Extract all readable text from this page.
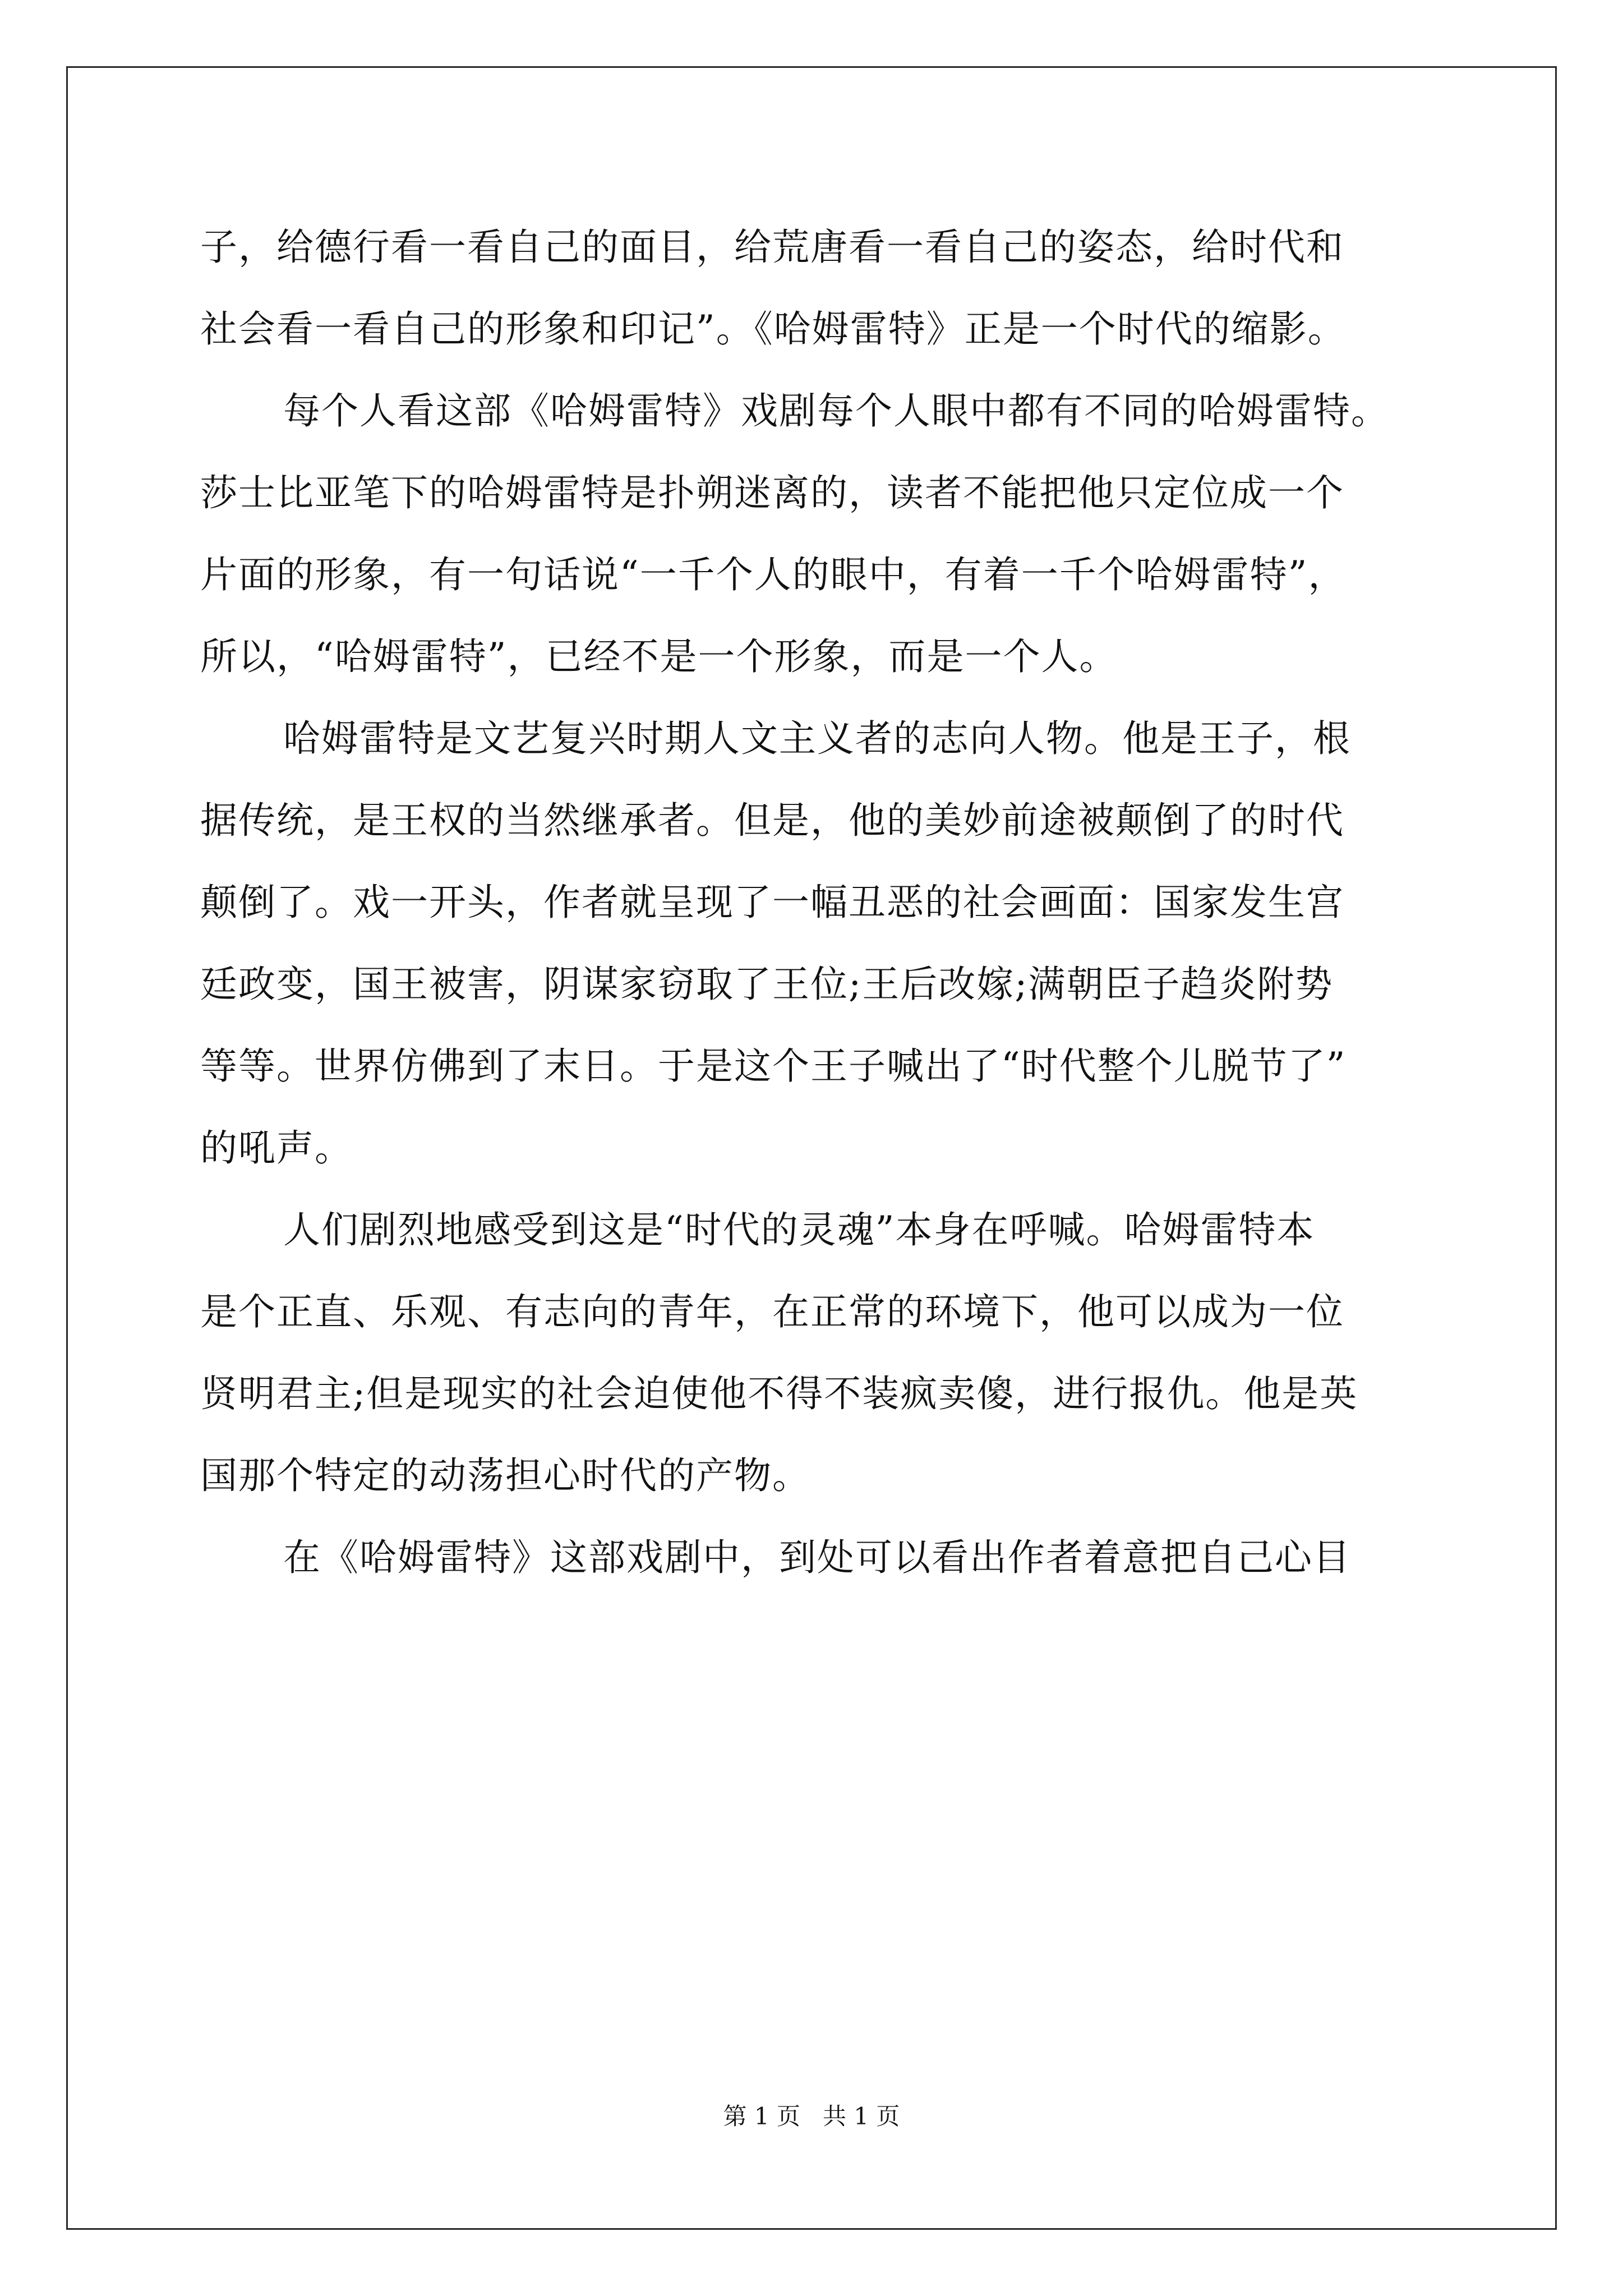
子，给德行看一看自己的面目，给荒唐看一看自己的姿态，给时代和
社会看一看自己的形象和印记”。《哈姆雷特》正是一个时代的缩影。
每个人看这部《哈姆雷特》戏剧每个人眼中都有不同的哈姆雷特。
莎士比亚笔下的哈姆雷特是扑朔迷离的，读者不能把他只定位成一个
片面的形象，有一句话说“一千个人的眼中，有着一千个哈姆雷特”，
所以，“哈姆雷特”，已经不是一个形象，而是一个人。
哈姆雷特是文艺复兴时期人文主义者的志向人物。他是王子，根
据传统，是王权的当然继承者。但是，他的美妙前途被颠倒了的时代
颠倒了。戏一开头，作者就呈现了一幅丑恶的社会画面：国家发生宫
廷政变，国王被害，阴谋家窃取了王位;王后改嫁;满朝臣子趋炎附势
等等。世界仿佛到了末日。于是这个王子喊出了“时代整个儿脱节了”
的吼声。
人们剧烈地感受到这是“时代的灵魂”本身在呼喊。哈姆雷特本
是个正直、乐观、有志向的青年，在正常的环境下，他可以成为一位
贤明君主;但是现实的社会迫使他不得不装疯卖傻，进行报仇。他是英
国那个特定的动荡担心时代的产物。
在《哈姆雷特》这部戏剧中，到处可以看出作者着意把自己心目
第 1 页 共 1 页
